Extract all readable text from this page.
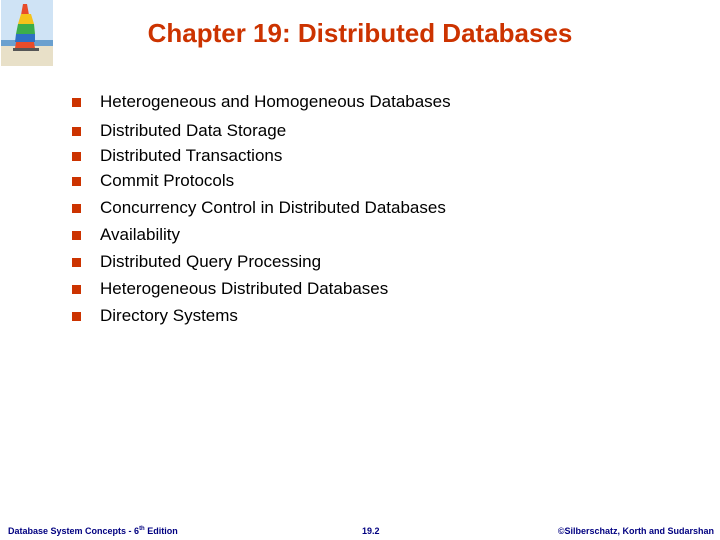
Chapter 19: Distributed Databases
Heterogeneous and Homogeneous Databases
Distributed Data Storage
Distributed Transactions
Commit Protocols
Concurrency Control in Distributed Databases
Availability
Distributed Query Processing
Heterogeneous Distributed Databases
Directory Systems
Database System Concepts - 6th Edition	19.2	©Silberschatz, Korth and Sudarshan
